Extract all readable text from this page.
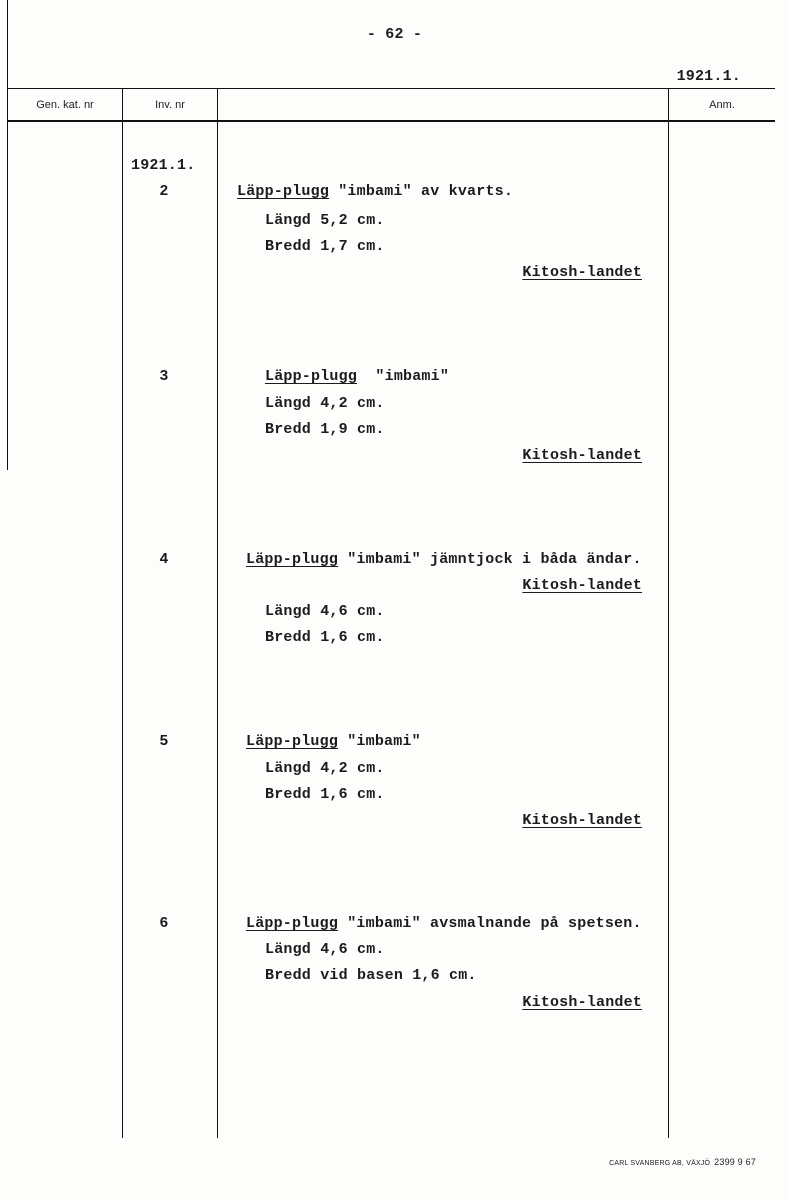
- 62 -
1921.1.
Gen. kat. nr	Inv. nr	Anm.
1921.1.
2	Läpp-plugg "imbami" av kvarts.
Längd 5,2 cm.
Bredd 1,7 cm.
Kitosh-landet
3	Läpp-plugg  "imbami"
Längd 4,2 cm.
Bredd 1,9 cm.
Kitosh-landet
4	Läpp-plugg "imbami" jämntjock i båda ändar.
Kitosh-landet
Längd 4,6 cm.
Bredd 1,6 cm.
5	Läpp-plugg "imbami"
Längd 4,2 cm.
Bredd 1,6 cm.
Kitosh-landet
6	Läpp-plugg "imbami" avsmalnande på spetsen.
Längd 4,6 cm.
Bredd vid basen 1,6 cm.
Kitosh-landet
CARL SVANBERG AB, VÄXJÖ 2399 9 67
